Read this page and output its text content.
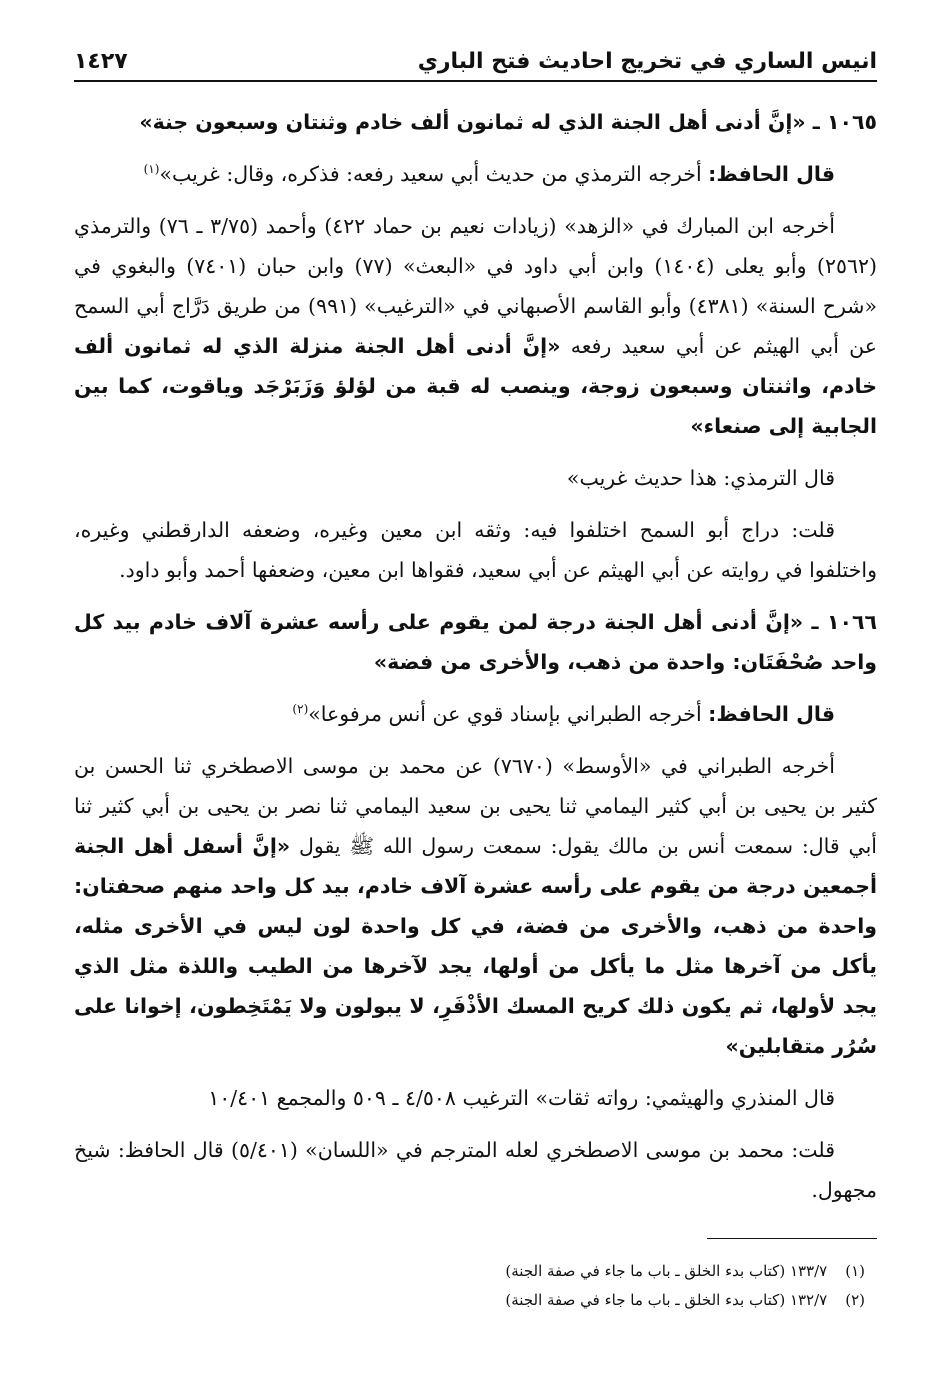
انيس الساري في تخريج احاديث فتح الباري
١٤٢٧

١٠٦٥ ـ «إنَّ أدنى أهل الجنة الذي له ثمانون ألف خادم وثنتان وسبعون جنة»

قال الحافظ: أخرجه الترمذي من حديث أبي سعيد رفعه: فذكره، وقال: غريب»$^{(١)}$

أخرجه ابن المبارك في «الزهد» (زيادات نعيم بن حماد ٤٢٢) وأحمد (٣/٧٥ ـ ٧٦) والترمذي (٢٥٦٢) وأبو يعلى (١٤٠٤) وابن أبي داود في «البعث» (٧٧) وابن حبان (٧٤٠١) والبغوي في «شرح السنة» (٤٣٨١) وأبو القاسم الأصبهاني في «الترغيب» (٩٩١) من طريق دَرَّاج أبي السمح عن أبي الهيثم عن أبي سعيد رفعه «إنَّ أدنى أهل الجنة منزلة الذي له ثمانون ألف خادم، واثنتان وسبعون زوجة، وينصب له قبة من لؤلؤ وَزَبَرْجَد وياقوت، كما بين الجابية إلى صنعاء»

قال الترمذي: هذا حديث غريب»

قلت: دراج أبو السمح اختلفوا فيه: وثقه ابن معين وغيره، وضعفه الدارقطني وغيره، واختلفوا في روايته عن أبي الهيثم عن أبي سعيد، فقواها ابن معين، وضعفها أحمد وأبو داود.

١٠٦٦ ـ «إنَّ أدنى أهل الجنة درجة لمن يقوم على رأسه عشرة آلاف خادم بيد كل واحد صُحْفَتَان: واحدة من ذهب، والأخرى من فضة»

قال الحافظ: أخرجه الطبراني بإسناد قوي عن أنس مرفوعا»$^{(٢)}$

أخرجه الطبراني في «الأوسط» (٧٦٧٠) عن محمد بن موسى الاصطخري ثنا الحسن بن كثير بن يحيى بن أبي كثير اليمامي ثنا يحيى بن سعيد اليمامي ثنا نصر بن يحيى بن أبي كثير ثنا أبي قال: سمعت أنس بن مالك يقول: سمعت رسول الله ﷺ يقول «إنَّ أسفل أهل الجنة أجمعين درجة من يقوم على رأسه عشرة آلاف خادم، بيد كل واحد منهم صحفتان: واحدة من ذهب، والأخرى من فضة، في كل واحدة لون ليس في الأخرى مثله، يأكل من آخرها مثل ما يأكل من أولها، يجد لآخرها من الطيب واللذة مثل الذي يجد لأولها، ثم يكون ذلك كريح المسك الأذْفَرِ، لا يبولون ولا يَمْتَخِطون، إخوانا على سُرُر متقابلين»

قال المنذري والهيثمي: رواته ثقات» الترغيب ٤/٥٠٨ ـ ٥٠٩ والمجمع ١٠/٤٠١

قلت: محمد بن موسى الاصطخري لعله المترجم في «اللسان» (٥/٤٠١) قال الحافظ: شيخ مجهول.

(١)
١٣٣/٧ (كتاب بدء الخلق ـ باب ما جاء في صفة الجنة)
(٢)
١٣٢/٧ (كتاب بدء الخلق ـ باب ما جاء في صفة الجنة)
